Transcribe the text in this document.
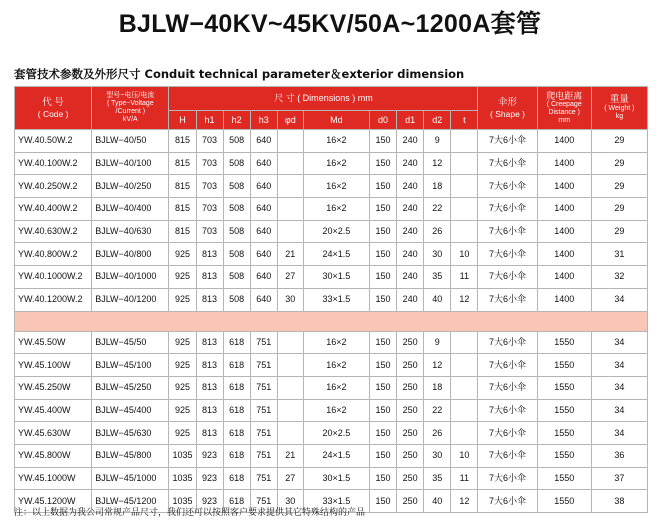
BJLW−40KV~45KV/50A~1200A套管
套管技术参数及外形尺寸 Conduit technical parameter＆exterior dimension
代 号
( Code )	型号−电压/电流
( Type−Voltage
/Current )
kV/A	尺 寸 ( Dimensions ) mm										伞形
( Shape )	爬电距离
( Creepage
Distance )
mm	重量
( Weight )
kg

		H	h1	h2	h3	φd	Md	d0	d1	d2	t			
YW.40.50W.2	BJLW−40/50	815	703	508	640		16×2	150	240	9		7大6小伞	1400	29
YW.40.100W.2	BJLW−40/100	815	703	508	640		16×2	150	240	12		7大6小伞	1400	29
YW.40.250W.2	BJLW−40/250	815	703	508	640		16×2	150	240	18		7大6小伞	1400	29
YW.40.400W.2	BJLW−40/400	815	703	508	640		16×2	150	240	22		7大6小伞	1400	29
YW.40.630W.2	BJLW−40/630	815	703	508	640		20×2.5	150	240	26		7大6小伞	1400	29
YW.40.800W.2	BJLW−40/800	925	813	508	640	21	24×1.5	150	240	30	10	7大6小伞	1400	31
YW.40.1000W.2	BJLW−40/1000	925	813	508	640	27	30×1.5	150	240	35	11	7大6小伞	1400	32
YW.40.1200W.2	BJLW−40/1200	925	813	508	640	30	33×1.5	150	240	40	12	7大6小伞	1400	34

YW.45.50W	BJLW−45/50	925	813	618	751		16×2	150	250	9		7大6小伞	1550	34
YW.45.100W	BJLW−45/100	925	813	618	751		16×2	150	250	12		7大6小伞	1550	34
YW.45.250W	BJLW−45/250	925	813	618	751		16×2	150	250	18		7大6小伞	1550	34
YW.45.400W	BJLW−45/400	925	813	618	751		16×2	150	250	22		7大6小伞	1550	34
YW.45.630W	BJLW−45/630	925	813	618	751		20×2.5	150	250	26		7大6小伞	1550	34
YW.45.800W	BJLW−45/800	1035	923	618	751	21	24×1.5	150	250	30	10	7大6小伞	1550	36
YW.45.1000W	BJLW−45/1000	1035	923	618	751	27	30×1.5	150	250	35	11	7大6小伞	1550	37
YW.45.1200W	BJLW−45/1200	1035	923	618	751	30	33×1.5	150	250	40	12	7大6小伞	1550	38
注：以上数据为我公司常规产品尺寸，我们还可以按照客户要求提供其它特殊结构的产品
